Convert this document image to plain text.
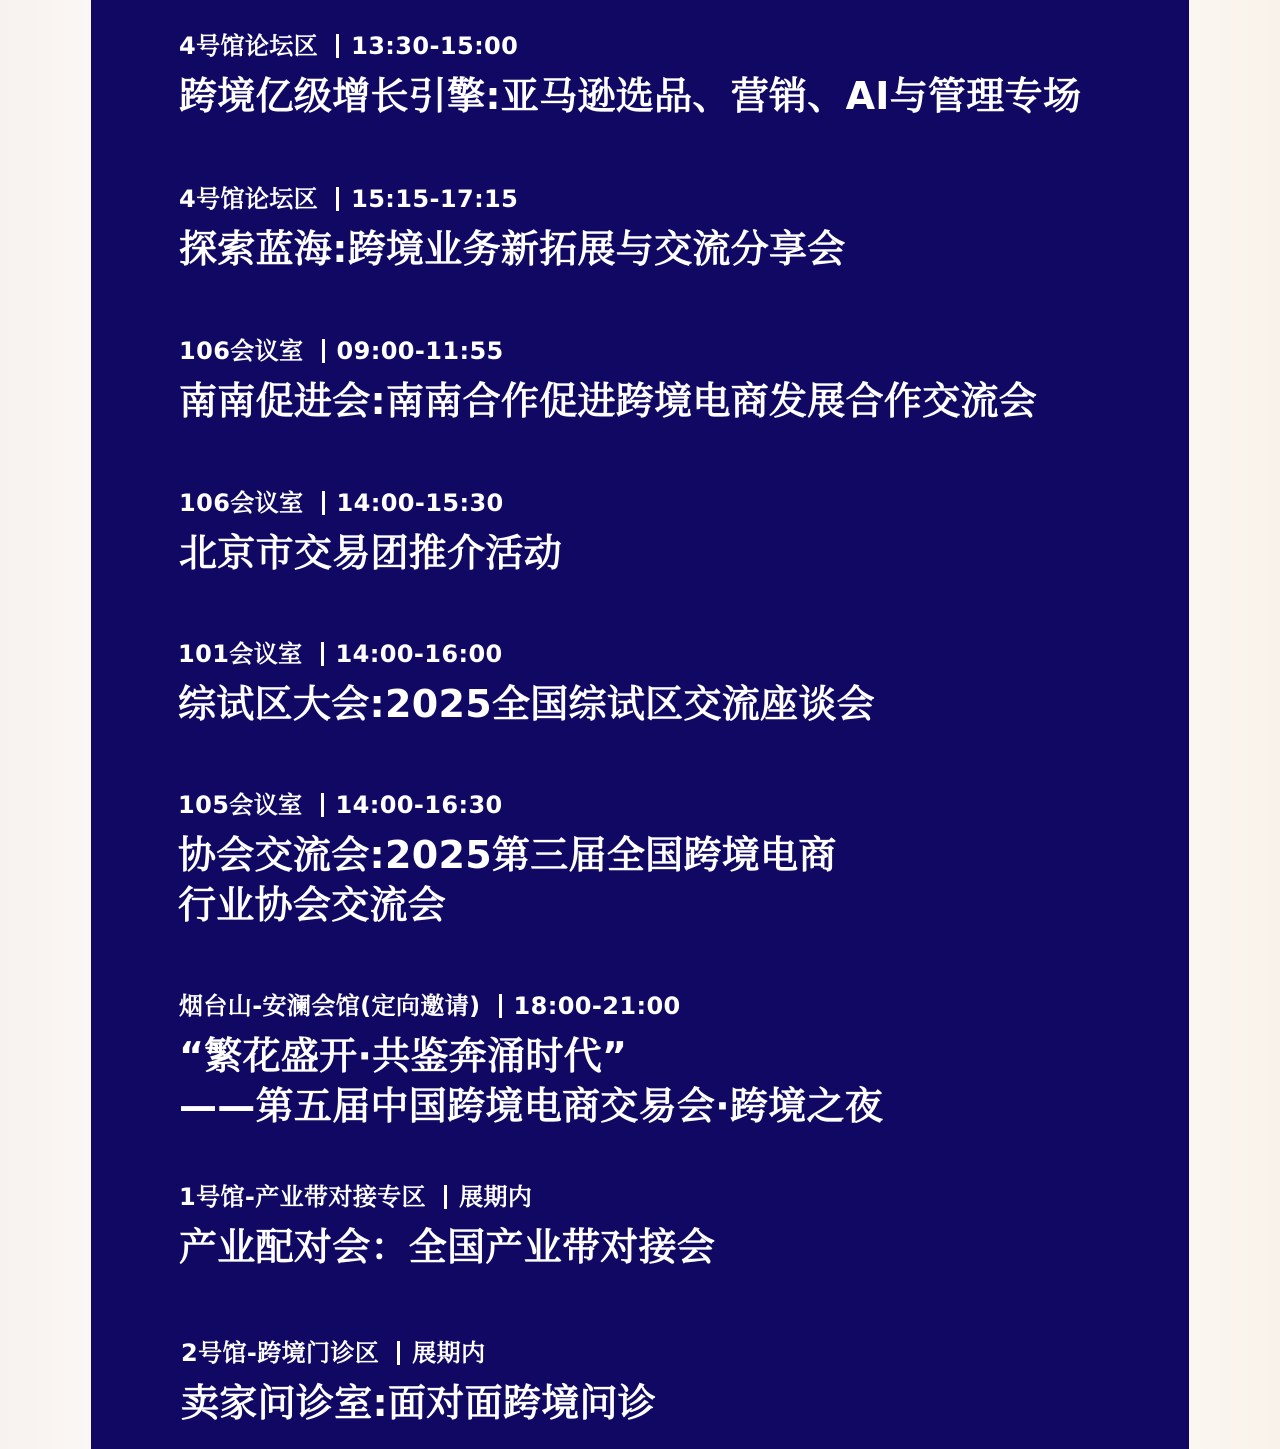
4号馆论坛区 13:30-15:00
跨境亿级增长引擎:亚马逊选品、营销、AI与管理专场
4号馆论坛区 15:15-17:15
探索蓝海:跨境业务新拓展与交流分享会
106会议室 09:00-11:55
南南促进会:南南合作促进跨境电商发展合作交流会
106会议室 14:00-15:30
北京市交易团推介活动
101会议室 14:00-16:00
综试区大会:2025全国综试区交流座谈会
105会议室 14:00-16:30
协会交流会:2025第三届全国跨境电商
行业协会交流会
烟台山-安澜会馆(定向邀请) 18:00-21:00
“繁花盛开·共鉴奔涌时代”
——第五届中国跨境电商交易会·跨境之夜
1号馆-产业带对接专区 展期内
产业配对会：全国产业带对接会
2号馆-跨境门诊区 展期内
卖家问诊室:面对面跨境问诊
